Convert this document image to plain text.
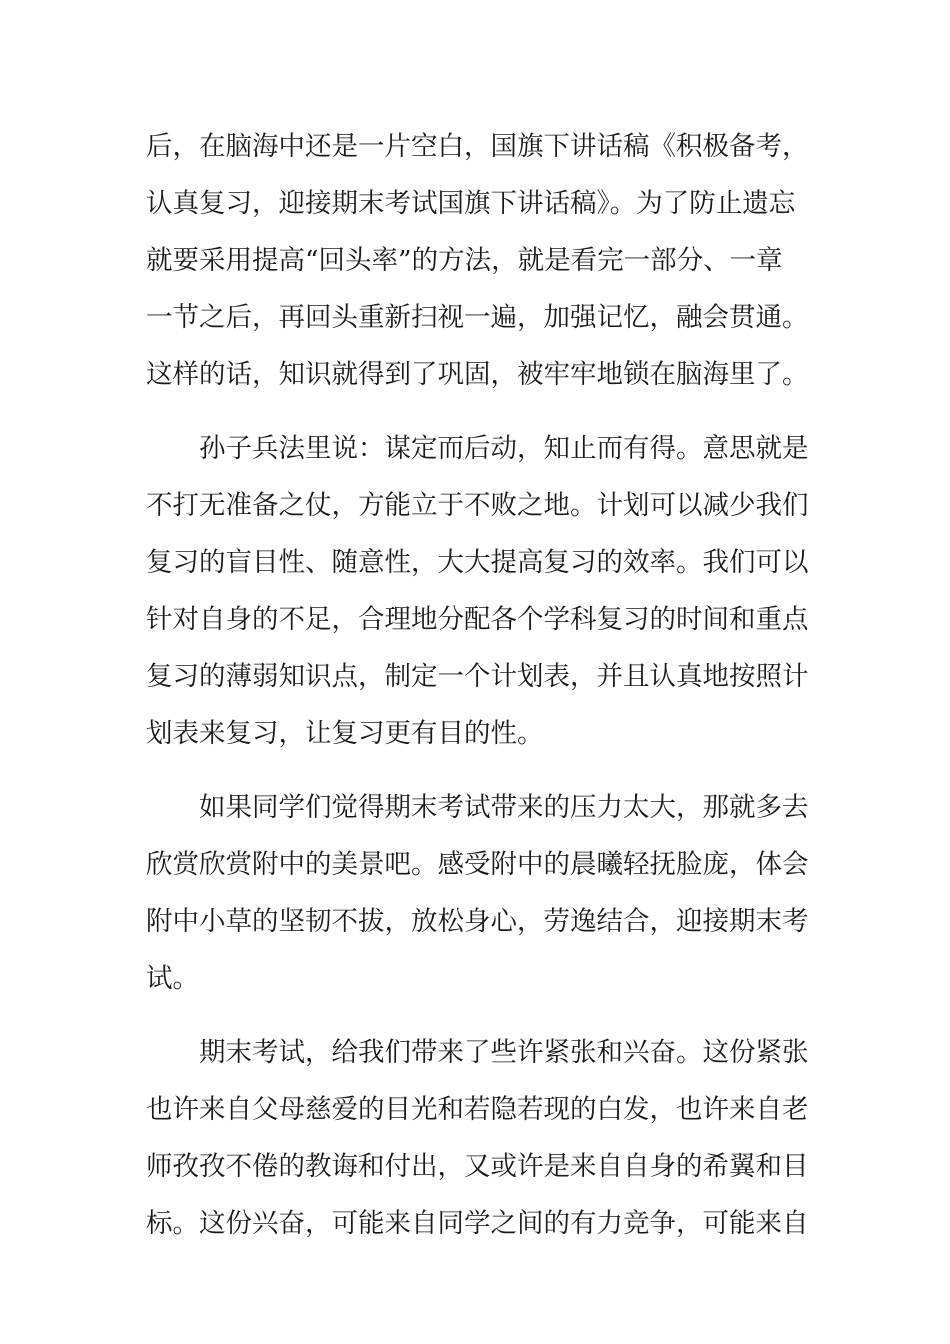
后，在脑海中还是一片空白，国旗下讲话稿《积极备考，
认真复习，迎接期末考试国旗下讲话稿》。为了防止遗忘
就要采用提高“回头率”的方法，就是看完一部分、一章
一节之后，再回头重新扫视一遍，加强记忆，融会贯通。
这样的话，知识就得到了巩固，被牢牢地锁在脑海里了。
孙子兵法里说：谋定而后动，知止而有得。意思就是
不打无准备之仗，方能立于不败之地。计划可以减少我们
复习的盲目性、随意性，大大提高复习的效率。我们可以
针对自身的不足，合理地分配各个学科复习的时间和重点
复习的薄弱知识点，制定一个计划表，并且认真地按照计
划表来复习，让复习更有目的性。
如果同学们觉得期末考试带来的压力太大，那就多去
欣赏欣赏附中的美景吧。感受附中的晨曦轻抚脸庞，体会
附中小草的坚韧不拔，放松身心，劳逸结合，迎接期末考
试。
期末考试，给我们带来了些许紧张和兴奋。这份紧张
也许来自父母慈爱的目光和若隐若现的白发，也许来自老
师孜孜不倦的教诲和付出，又或许是来自自身的希翼和目
标。这份兴奋，可能来自同学之间的有力竞争，可能来自
